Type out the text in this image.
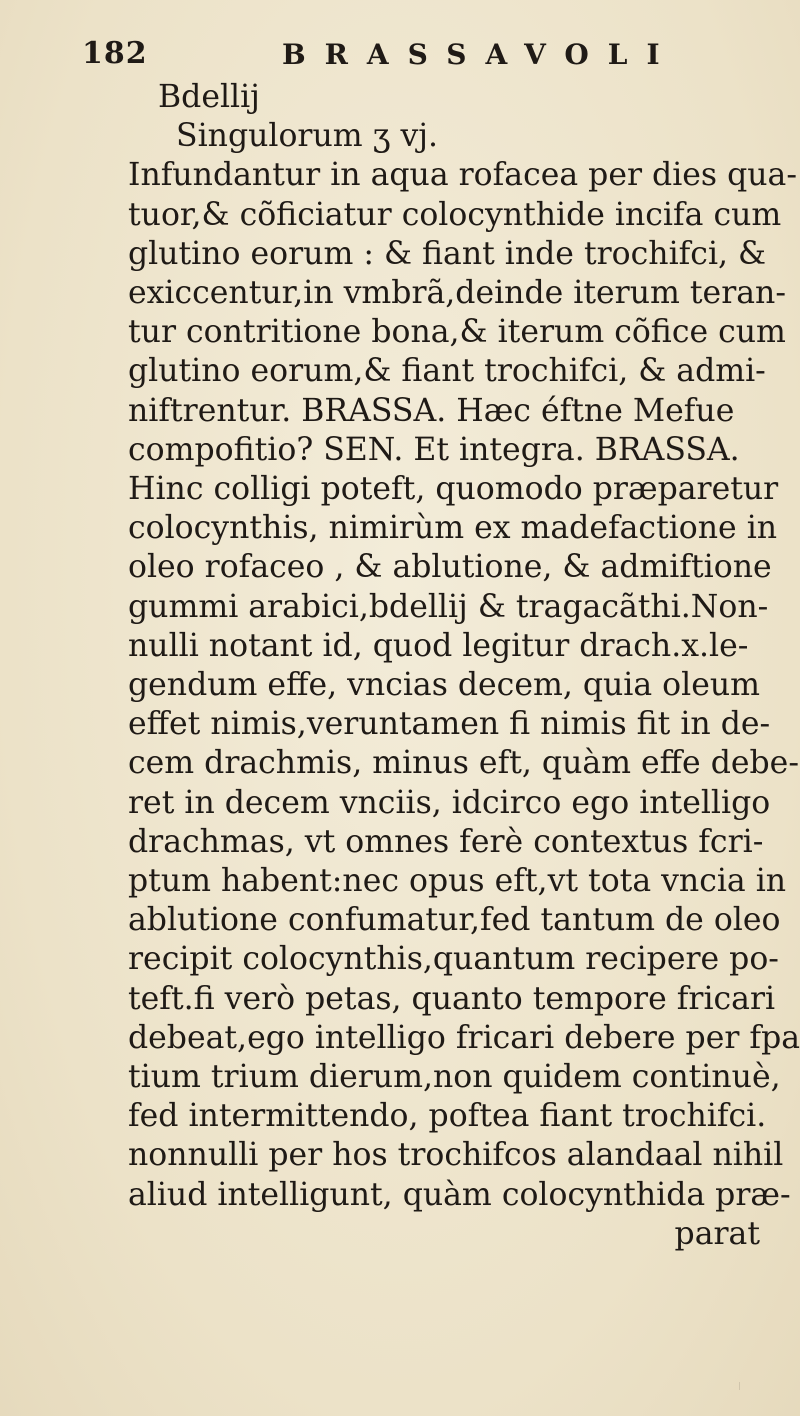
182	BRASSAVOLI
Bdellij
Singulorum ʒ vj.
Infundantur in aqua rofacea per dies qua-
tuor,& cõficiatur colocynthide incifa cum
glutino eorum : & fiant inde trochifci, &
exiccentur,in vmbrã,deinde iterum teran-
tur contritione bona,& iterum cõfice cum
glutino eorum,& fiant trochifci, & admi-
niftrentur. BRASSA. Hæc éftne Mefue
compofitio? SEN. Et integra. BRASSA.
Hinc colligi poteft, quomodo præparetur
colocynthis, nimirùm ex madefactione in
oleo rofaceo , & ablutione, & admiftione
gummi arabici,bdellij & tragacãthi.Non-
nulli notant id, quod legitur drach.x.le-
gendum effe, vncias decem, quia oleum
effet nimis,veruntamen fi nimis fit in de-
cem drachmis, minus eft, quàm effe debe-
ret in decem vnciis, idcirco ego intelligo
drachmas, vt omnes ferè contextus fcri-
ptum habent:nec opus eft,vt tota vncia in
ablutione confumatur,fed tantum de oleo
recipit colocynthis,quantum recipere po-
teft.fi verò petas, quanto tempore fricari
debeat,ego intelligo fricari debere per fpa
tium trium dierum,non quidem continuè,
fed intermittendo, poftea fiant trochifci.
nonnulli per hos trochifcos alandaal nihil
aliud intelligunt, quàm colocynthida præ-
parat
